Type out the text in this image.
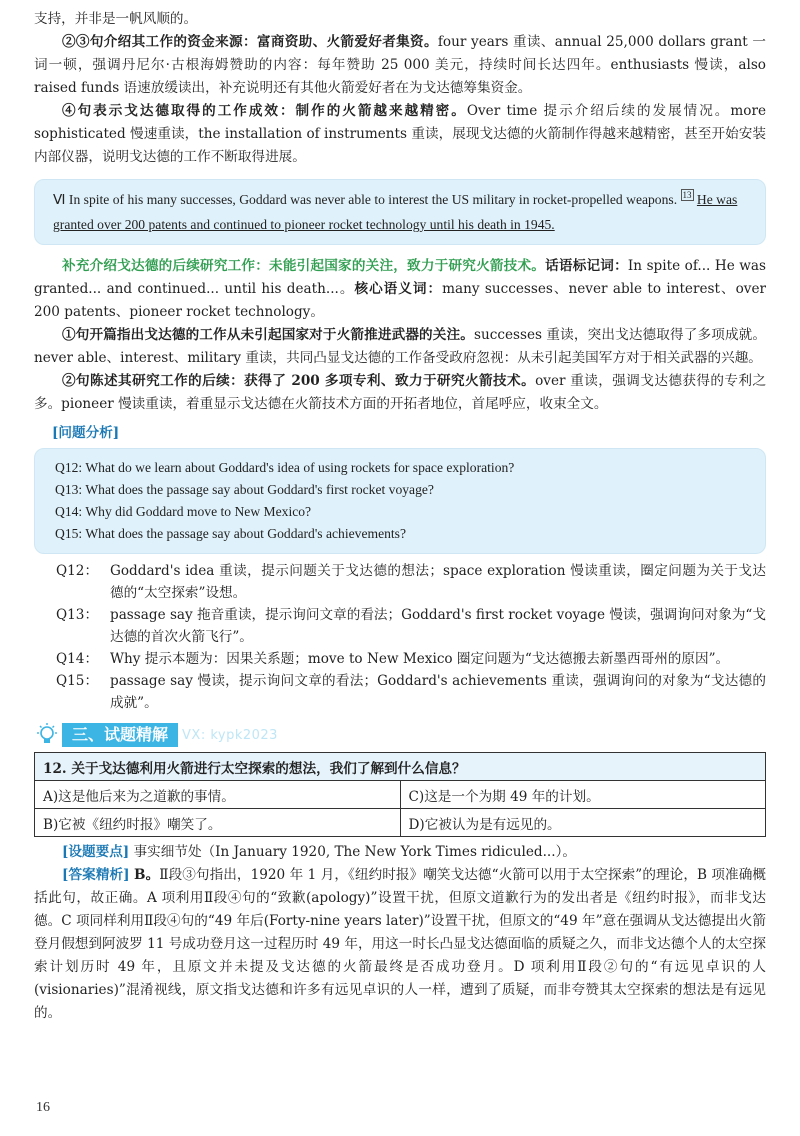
支持，并非是一帆风顺的。

②③句介绍其工作的资金来源：富商资助、火箭爱好者集资。four years 重读、annual 25,000 dollars grant 一词一顿，强调丹尼尔·古根海姆赞助的内容：每年赞助 25 000 美元，持续时间长达四年。enthusiasts 慢读，also raised funds 语速放缓读出，补充说明还有其他火箭爱好者在为戈达德筹集资金。

④句表示戈达德取得的工作成效：制作的火箭越来越精密。Over time 提示介绍后续的发展情况。more sophisticated 慢速重读，the installation of instruments 重读，展现戈达德的火箭制作得越来越精密，甚至开始安装内部仪器，说明戈达德的工作不断取得进展。

Ⅵ In spite of his many successes, Goddard was never able to interest the US military in rocket-propelled weapons. $^{13}$ He was granted over 200 patents and continued to pioneer rocket technology until his death in 1945.

补充介绍戈达德的后续研究工作：未能引起国家的关注，致力于研究火箭技术。话语标记词：In spite of... He was granted... and continued... until his death...。核心语义词：many successes、never able to interest、over 200 patents、pioneer rocket technology。

①句开篇指出戈达德的工作从未引起国家对于火箭推进武器的关注。successes 重读，突出戈达德取得了多项成就。never able、interest、military 重读，共同凸显戈达德的工作备受政府忽视：从未引起美国军方对于相关武器的兴趣。

②句陈述其研究工作的后续：获得了 200 多项专利、致力于研究火箭技术。over 重读，强调戈达德获得的专利之多。pioneer 慢读重读，着重显示戈达德在火箭技术方面的开拓者地位，首尾呼应，收束全文。

[问题分析]
Q12: What do we learn about Goddard's idea of using rockets for space exploration?
Q13: What does the passage say about Goddard's first rocket voyage?
Q14: Why did Goddard move to New Mexico?
Q15: What does the passage say about Goddard's achievements?
Q12： Goddard's idea 重读，提示问题关于戈达德的想法；space exploration 慢读重读，圈定问题为关于戈达德的“太空探索”设想。
Q13： passage say 拖音重读，提示询问文章的看法；Goddard's first rocket voyage 慢读，强调询问对象为“戈达德的首次火箭飞行”。
Q14： Why 提示本题为：因果关系题；move to New Mexico 圈定问题为“戈达德搬去新墨西哥州的原因”。
Q15： passage say 慢读，提示询问文章的看法；Goddard's achievements 重读，强调询问的对象为“戈达德的成就”。
三、试题精解	VX: kypk2023
12. 关于戈达德利用火箭进行太空探索的想法，我们了解到什么信息？	
A)这是他后来为之道歉的事情。	C)这是一个为期 49 年的计划。
B)它被《纽约时报》嘲笑了。	D)它被认为是有远见的。

[设题要点] 事实细节处（In January 1920, The New York Times ridiculed...）。

[答案精析] B。Ⅱ段③句指出，1920 年 1 月，《纽约时报》嘲笑戈达德“火箭可以用于太空探索”的理论，B 项准确概括此句，故正确。A 项利用Ⅱ段④句的“致歉(apology)”设置干扰，但原文道歉行为的发出者是《纽约时报》，而非戈达德。C 项同样利用Ⅱ段④句的“49 年后(Forty-nine years later)”设置干扰，但原文的“49 年”意在强调从戈达德提出火箭登月假想到阿波罗 11 号成功登月这一过程历时 49 年，用这一时长凸显戈达德面临的质疑之久，而非戈达德个人的太空探索计划历时 49 年，且原文并未提及戈达德的火箭最终是否成功登月。D 项利用Ⅱ段②句的“有远见卓识的人(visionaries)”混淆视线，原文指戈达德和许多有远见卓识的人一样，遭到了质疑，而非夸赞其太空探索的想法是有远见的。

16
